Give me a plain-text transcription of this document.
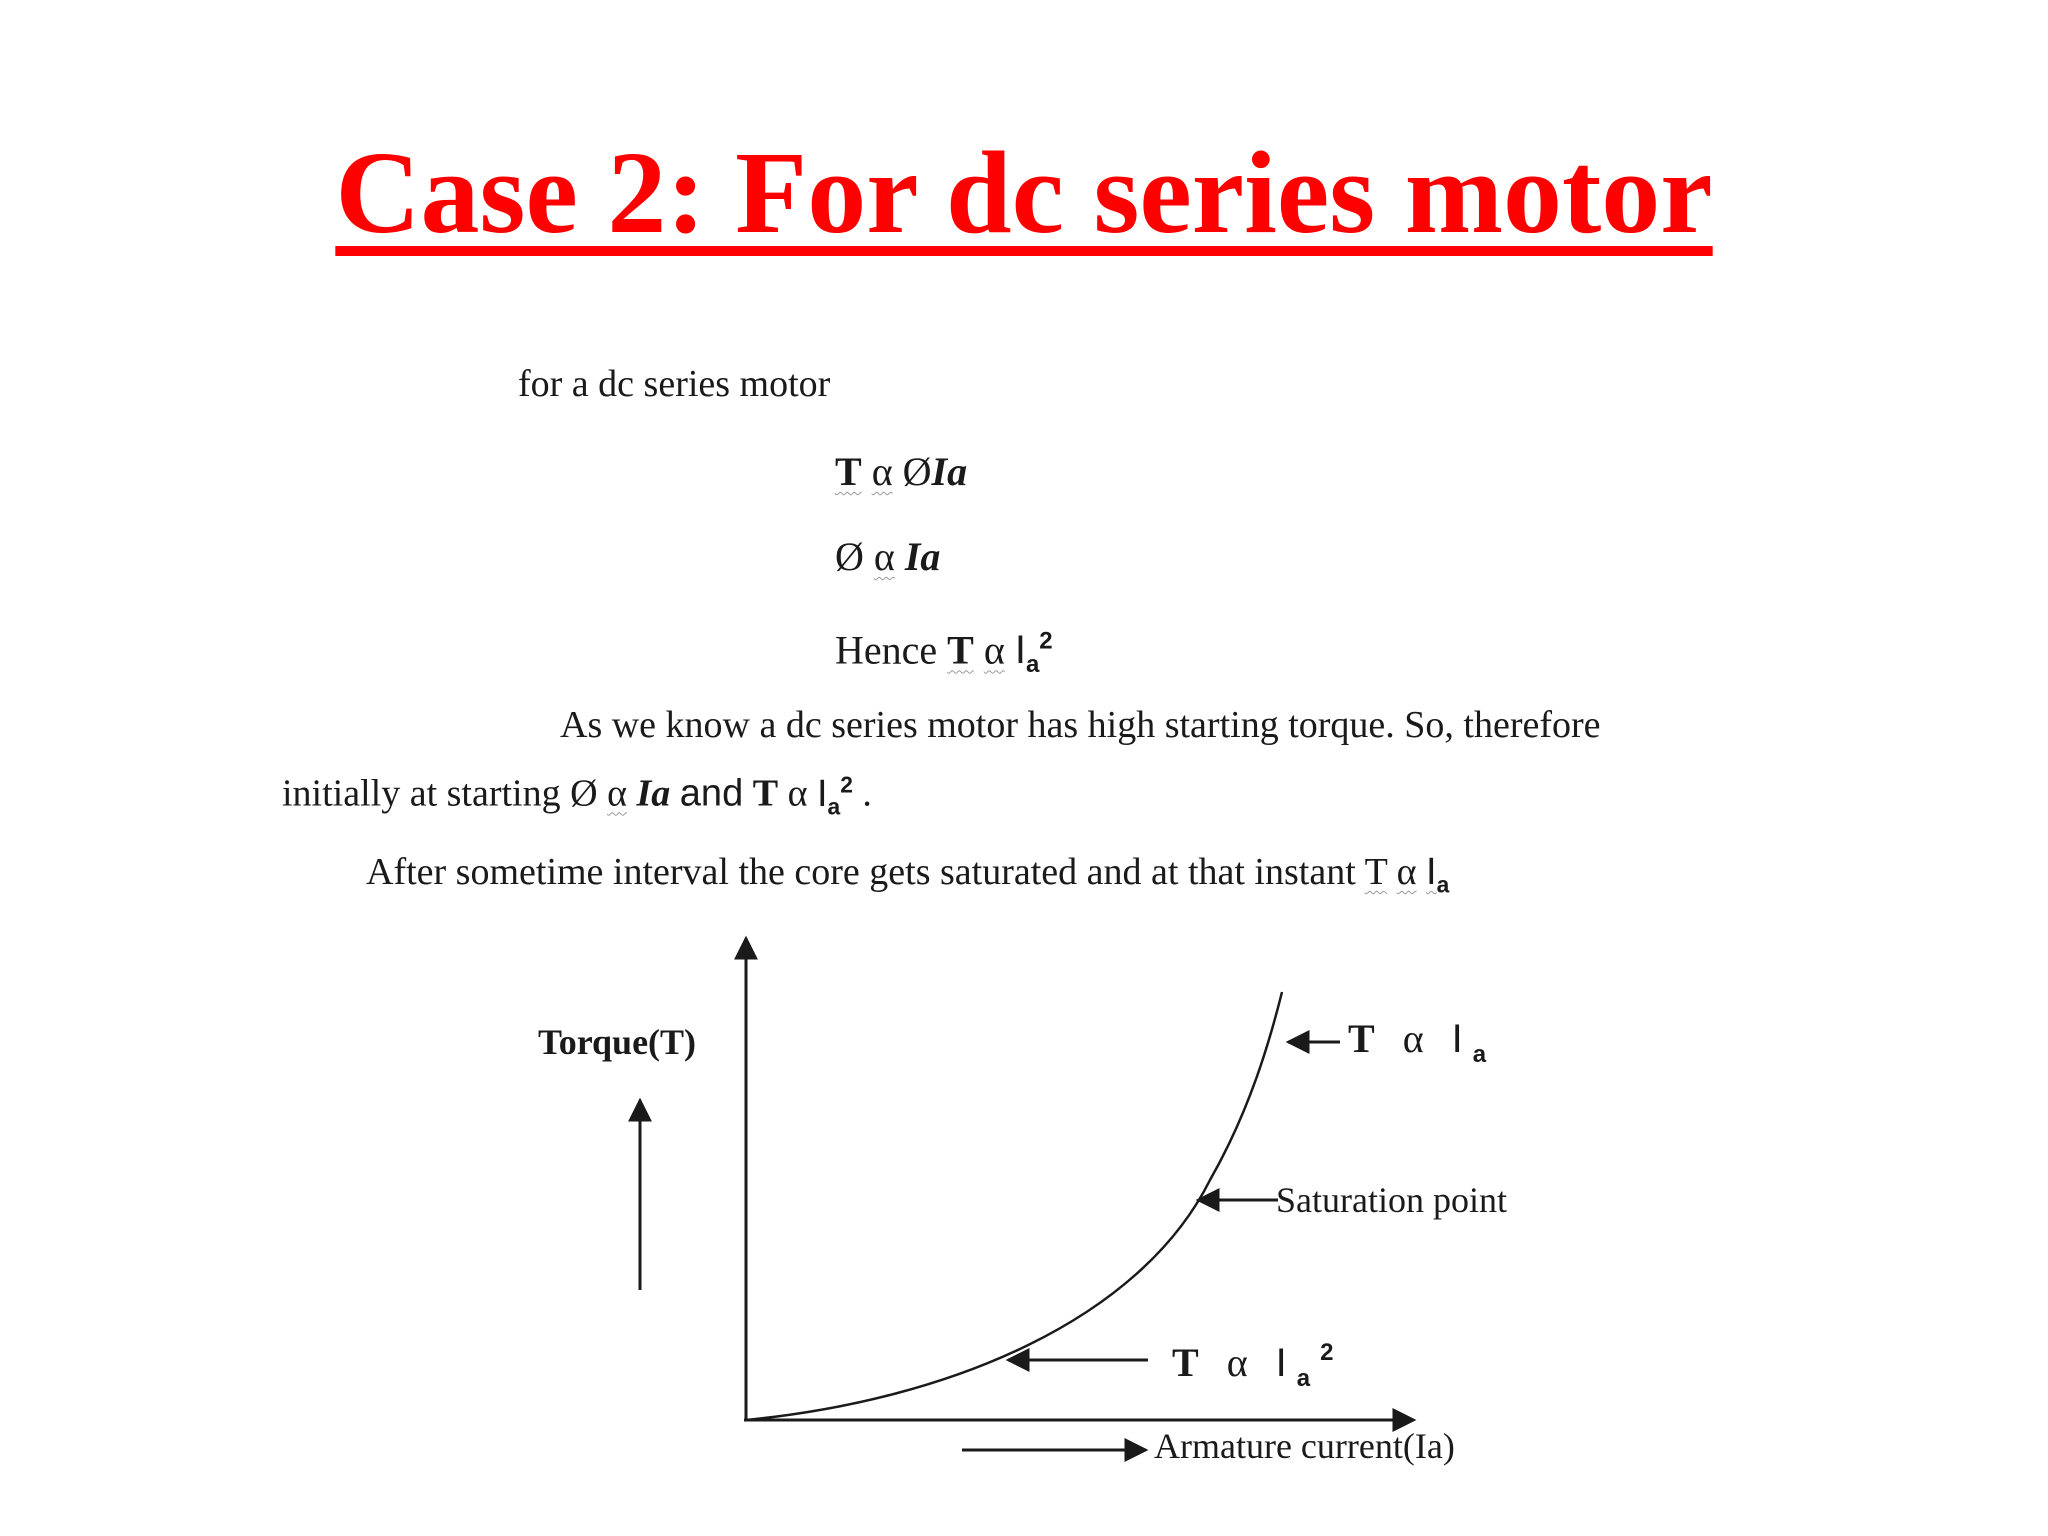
Case 2: For dc series motor
for a dc series motor
T α ØIa
Ø α Ia
Hence T α $I_a^2$
As we know a dc series motor has high starting torque. So, therefore
initially at starting Ø α Ia and T α $I_a^2$ .
After sometime interval the core gets saturated and at that instant T α $I_a$
Torque(T)
Armature current(Ia)
T α I $_a$
Saturation point
T α I $_a$ $^2$
